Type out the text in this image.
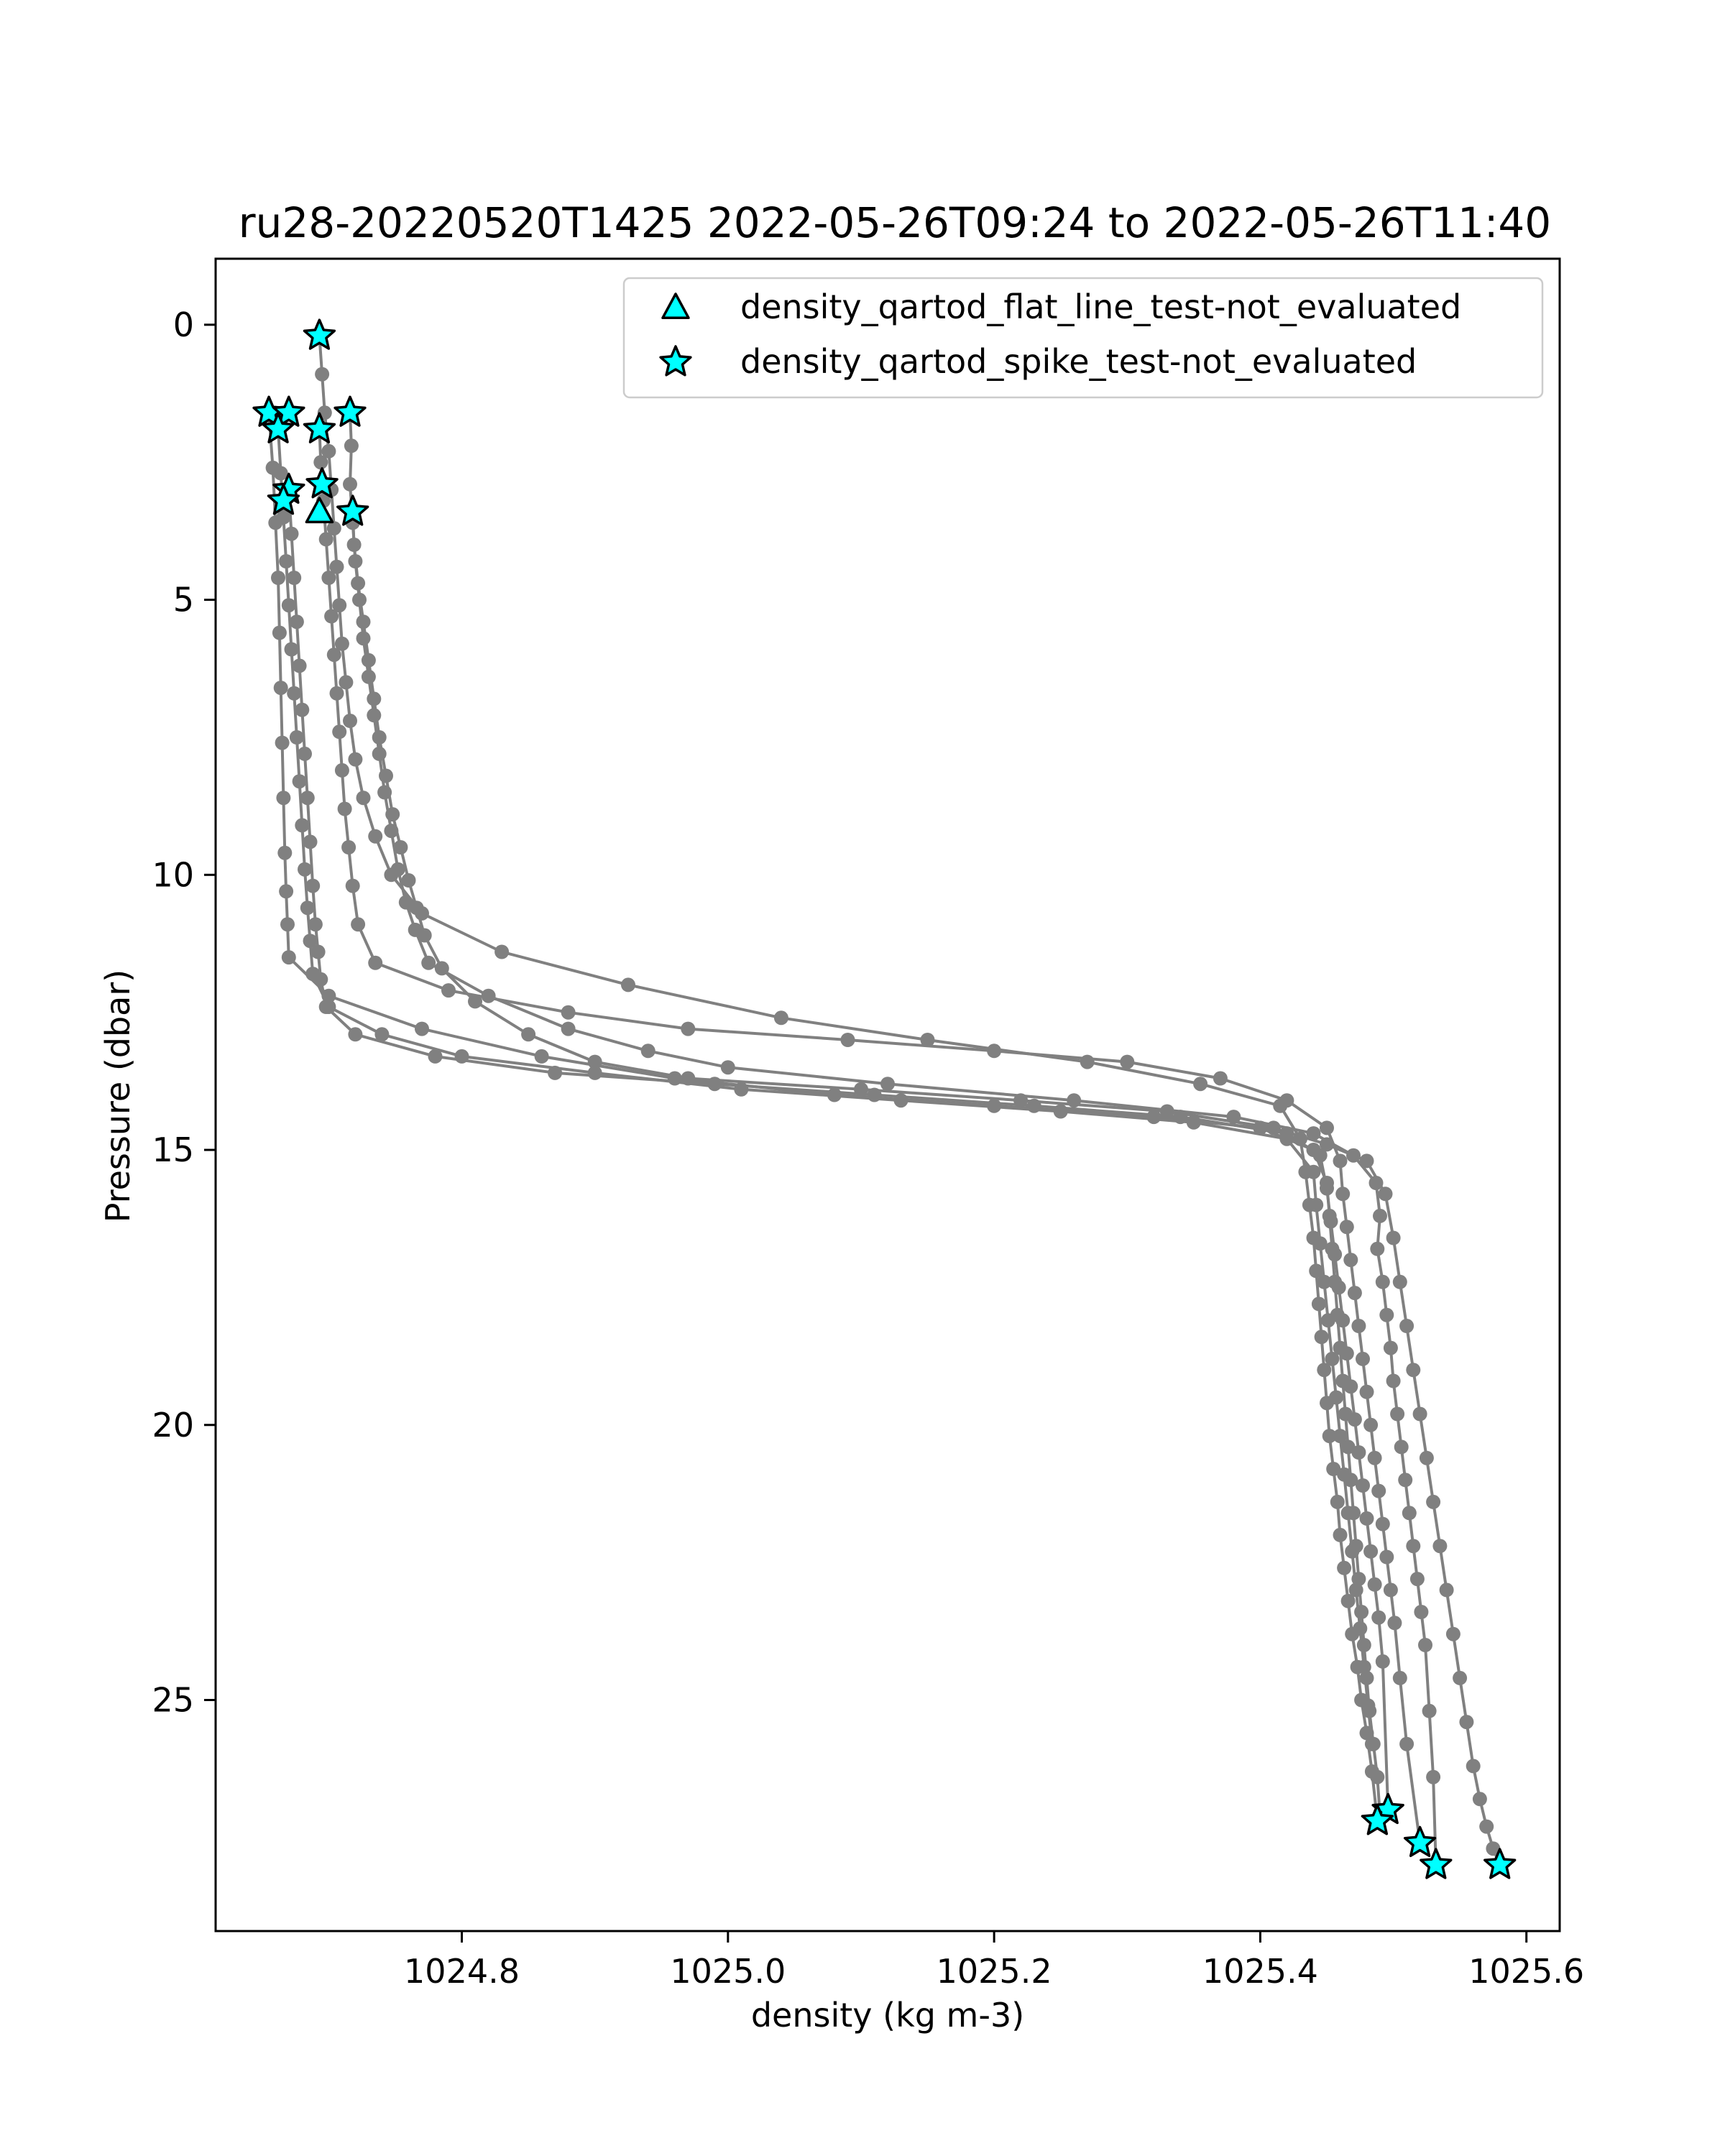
ru28-20220520T1425 2022-05-26T09:24 to 2022-05-26T11:40
1024.8	1025.0	1025.2	1025.4	1025.6
0
5
10
15
20
25
density (kg m-3)
Pressure (dbar)
density_qartod_flat_line_test-not_evaluated
density_qartod_spike_test-not_evaluated
